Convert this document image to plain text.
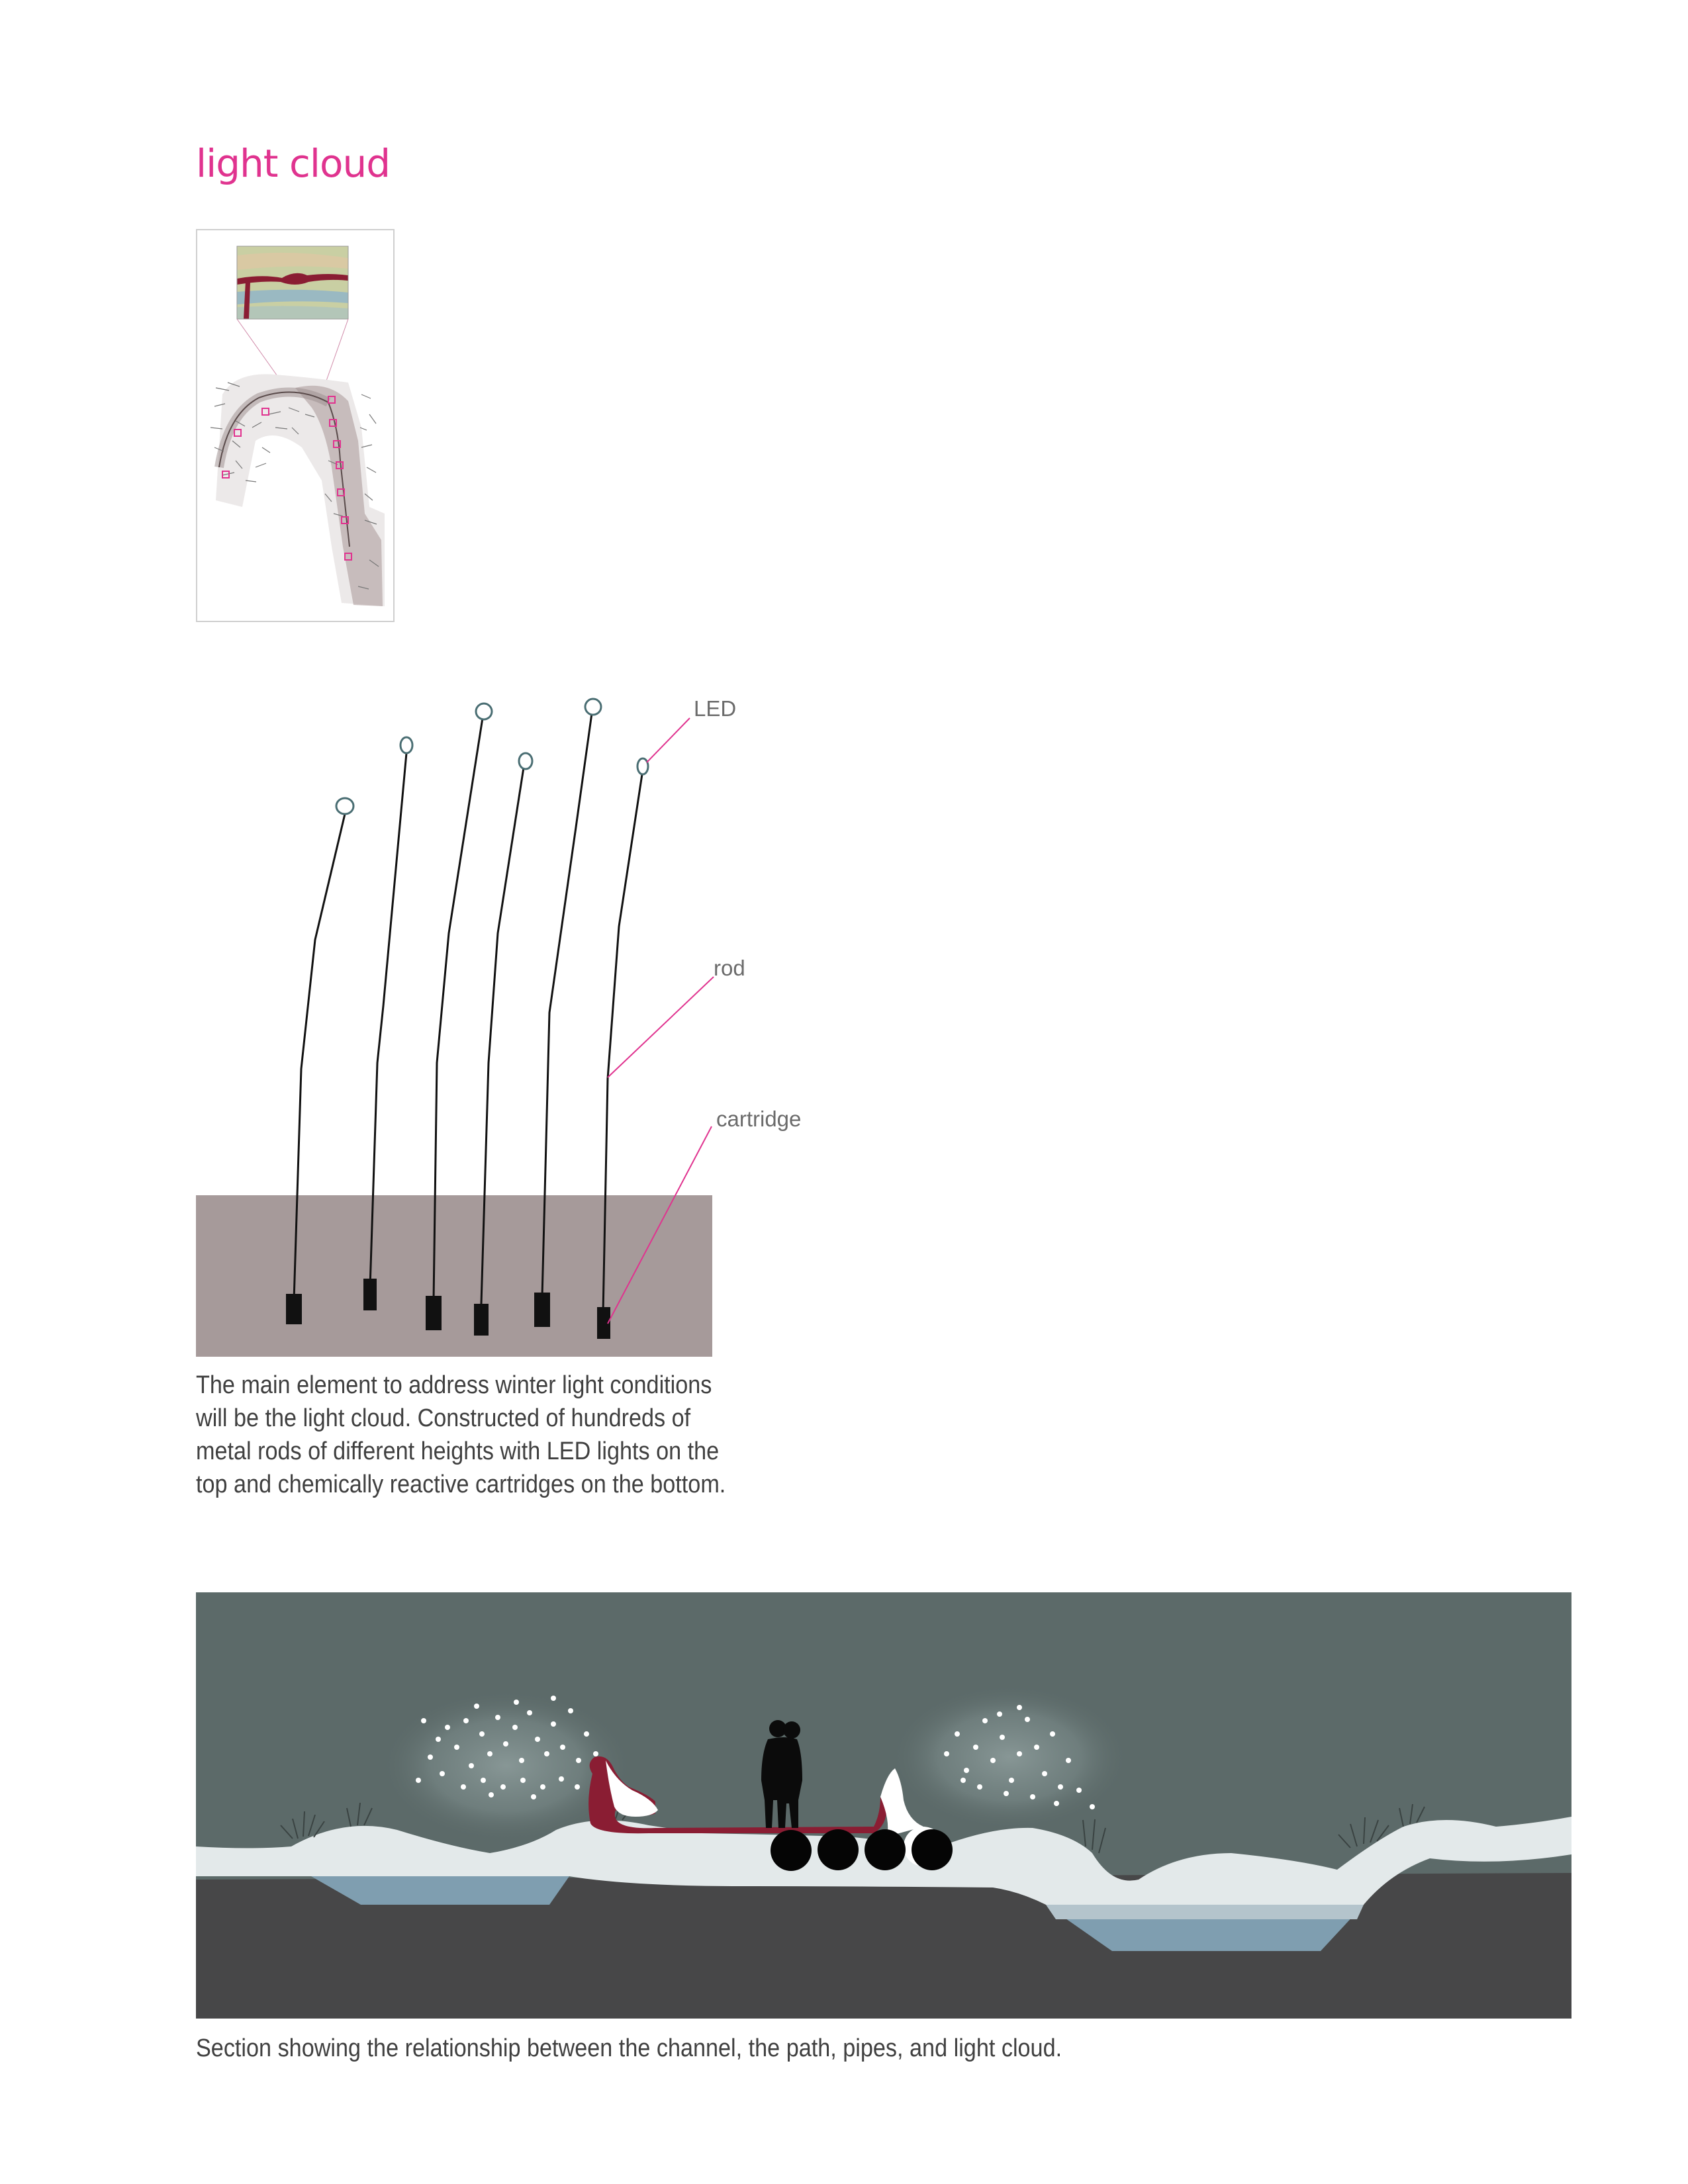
light cloud
LED
rod
cartridge
The main element to address winter light conditions
will be the light cloud. Constructed of hundreds of
metal rods of different heights with LED lights on the
top and chemically reactive cartridges on the bottom.
Section showing the relationship between the channel, the path, pipes, and light cloud.
